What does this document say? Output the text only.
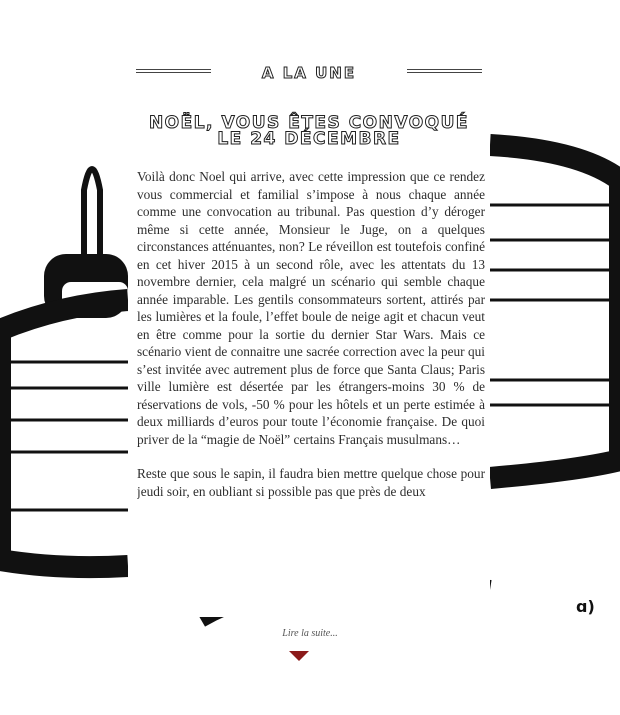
A LA UNE
NOËL, VOUS ÊTES CONVOQUÉ LE 24 DÉCEMBRE

Voilà donc Noel qui arrive, avec cette impression que ce rendez vous commercial et familial s’impose à nous chaque année comme une convocation au tribunal. Pas question d’y déroger même si cette année, Monsieur le Juge, on a quelques circonstances atténuantes, non? Le réveillon est toutefois confiné en cet hiver 2015 à un second rôle, avec les attentats du 13 novembre dernier, cela malgré un scénario qui semble chaque année imparable. Les gentils consommateurs sortent, attirés par les lumières et la foule, l’effet boule de neige agit et chacun veut en être comme pour la sortie du dernier Star Wars. Mais ce scénario vient de connaitre une sacrée correction avec la peur qui s’est invitée avec autrement plus de force que Santa Claus; Paris ville lumière est désertée par les étrangers-moins 30 % de réservations de vols, -50 % pour les hôtels et un perte estimée à deux milliards d’euros pour toute l’économie française. De quoi priver de la “magie de Noël” certains Français musulmans…

Reste que sous le sapin, il faudra bien mettre quelque chose pour jeudi soir, en oubliant si possible pas que près de deux

ɑ)
Lire la suite...
